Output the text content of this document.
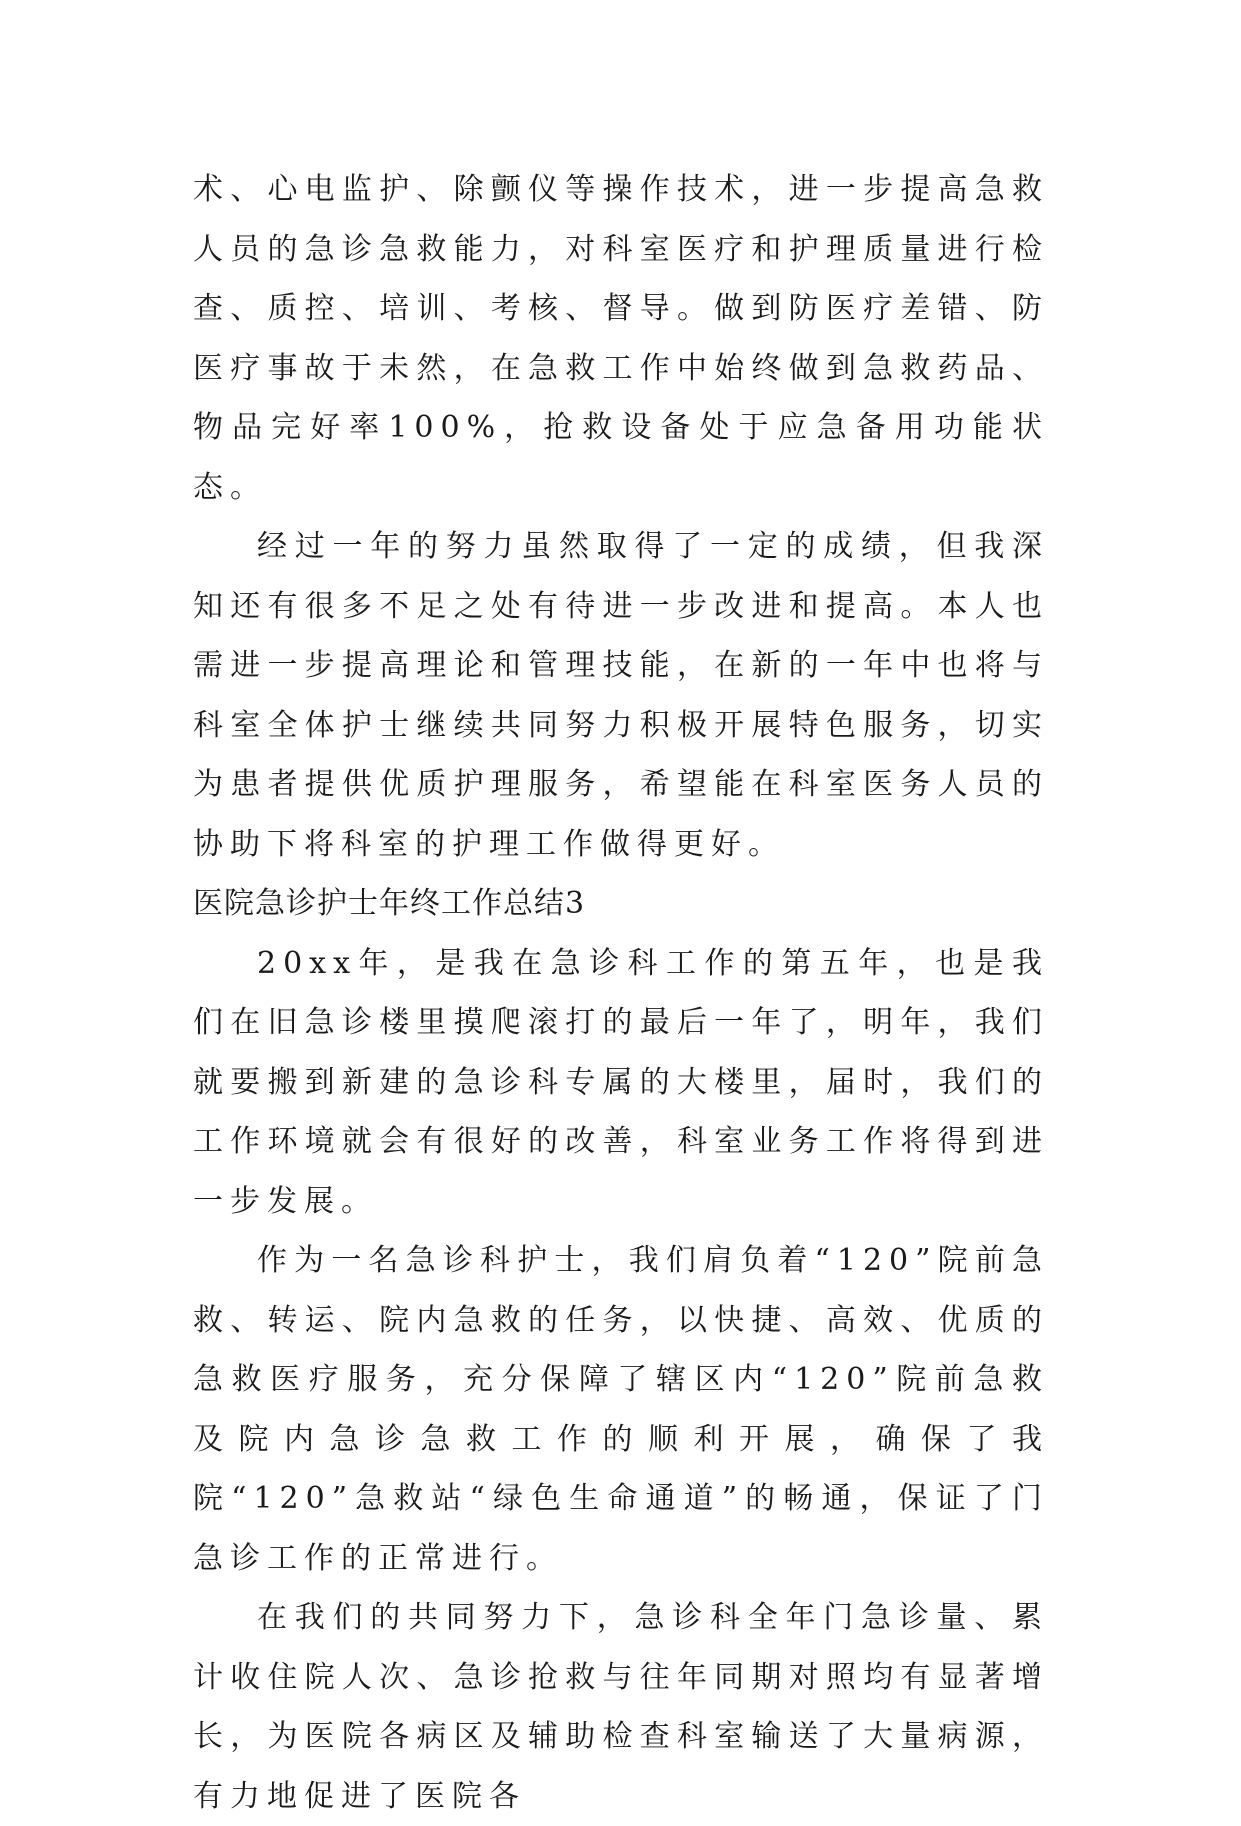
术、心电监护、除颤仪等操作技术，进一步提高急救人员的急诊急救能力，对科室医疗和护理质量进行检查、质控、培训、考核、督导。做到防医疗差错、防医疗事故于未然，在急救工作中始终做到急救药品、物品完好率100%，抢救设备处于应急备用功能状态。

经过一年的努力虽然取得了一定的成绩，但我深知还有很多不足之处有待进一步改进和提高。本人也需进一步提高理论和管理技能，在新的一年中也将与科室全体护士继续共同努力积极开展特色服务，切实为患者提供优质护理服务，希望能在科室医务人员的协助下将科室的护理工作做得更好。

医院急诊护士年终工作总结3

20xx年，是我在急诊科工作的第五年，也是我们在旧急诊楼里摸爬滚打的最后一年了，明年，我们就要搬到新建的急诊科专属的大楼里，届时，我们的工作环境就会有很好的改善，科室业务工作将得到进一步发展。

作为一名急诊科护士，我们肩负着“120”院前急救、转运、院内急救的任务，以快捷、高效、优质的急救医疗服务，充分保障了辖区内“120”院前急救及院内急诊急救工作的顺利开展，确保了我院“120”急救站“绿色生命通道”的畅通，保证了门急诊工作的正常进行。

在我们的共同努力下，急诊科全年门急诊量、累计收住院人次、急诊抢救与往年同期对照均有显著增长，为医院各病区及辅助检查科室输送了大量病源，有力地促进了医院各
